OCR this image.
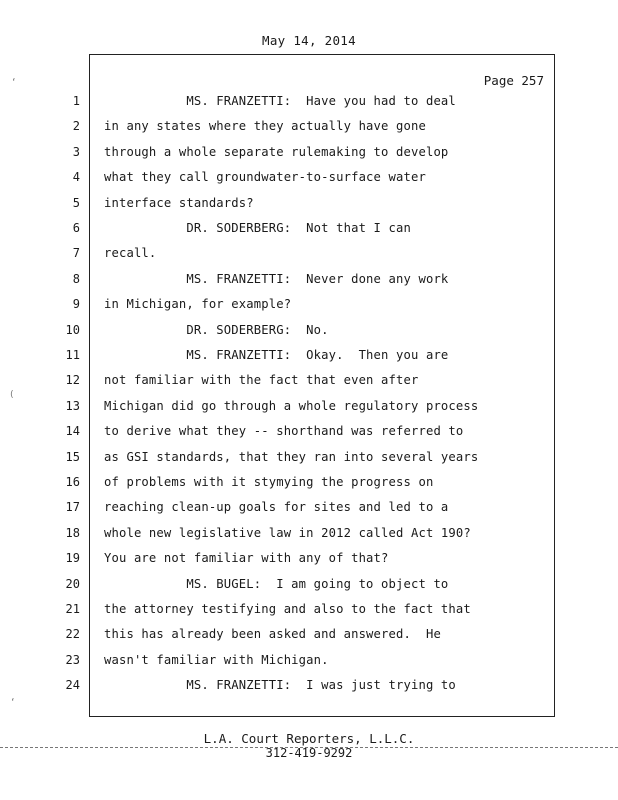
May 14, 2014
Page 257
1 MS. FRANZETTI:  Have you had to deal
2 in any states where they actually have gone
3 through a whole separate rulemaking to develop
4 what they call groundwater-to-surface water
5 interface standards?
6 DR. SODERBERG:  Not that I can
7 recall.
8 MS. FRANZETTI:  Never done any work
9 in Michigan, for example?
10 DR. SODERBERG:  No.
11 MS. FRANZETTI:  Okay.  Then you are
12 not familiar with the fact that even after
13 Michigan did go through a whole regulatory process
14 to derive what they -- shorthand was referred to
15 as GSI standards, that they ran into several years
16 of problems with it stymying the progress on
17 reaching clean-up goals for sites and led to a
18 whole new legislative law in 2012 called Act 190?
19 You are not familiar with any of that?
20 MS. BUGEL:  I am going to object to
21 the attorney testifying and also to the fact that
22 this has already been asked and answered.  He
23 wasn't familiar with Michigan.
24 MS. FRANZETTI:  I was just trying to
L.A. Court Reporters, L.L.C.
312-419-9292
‘
(
‘
